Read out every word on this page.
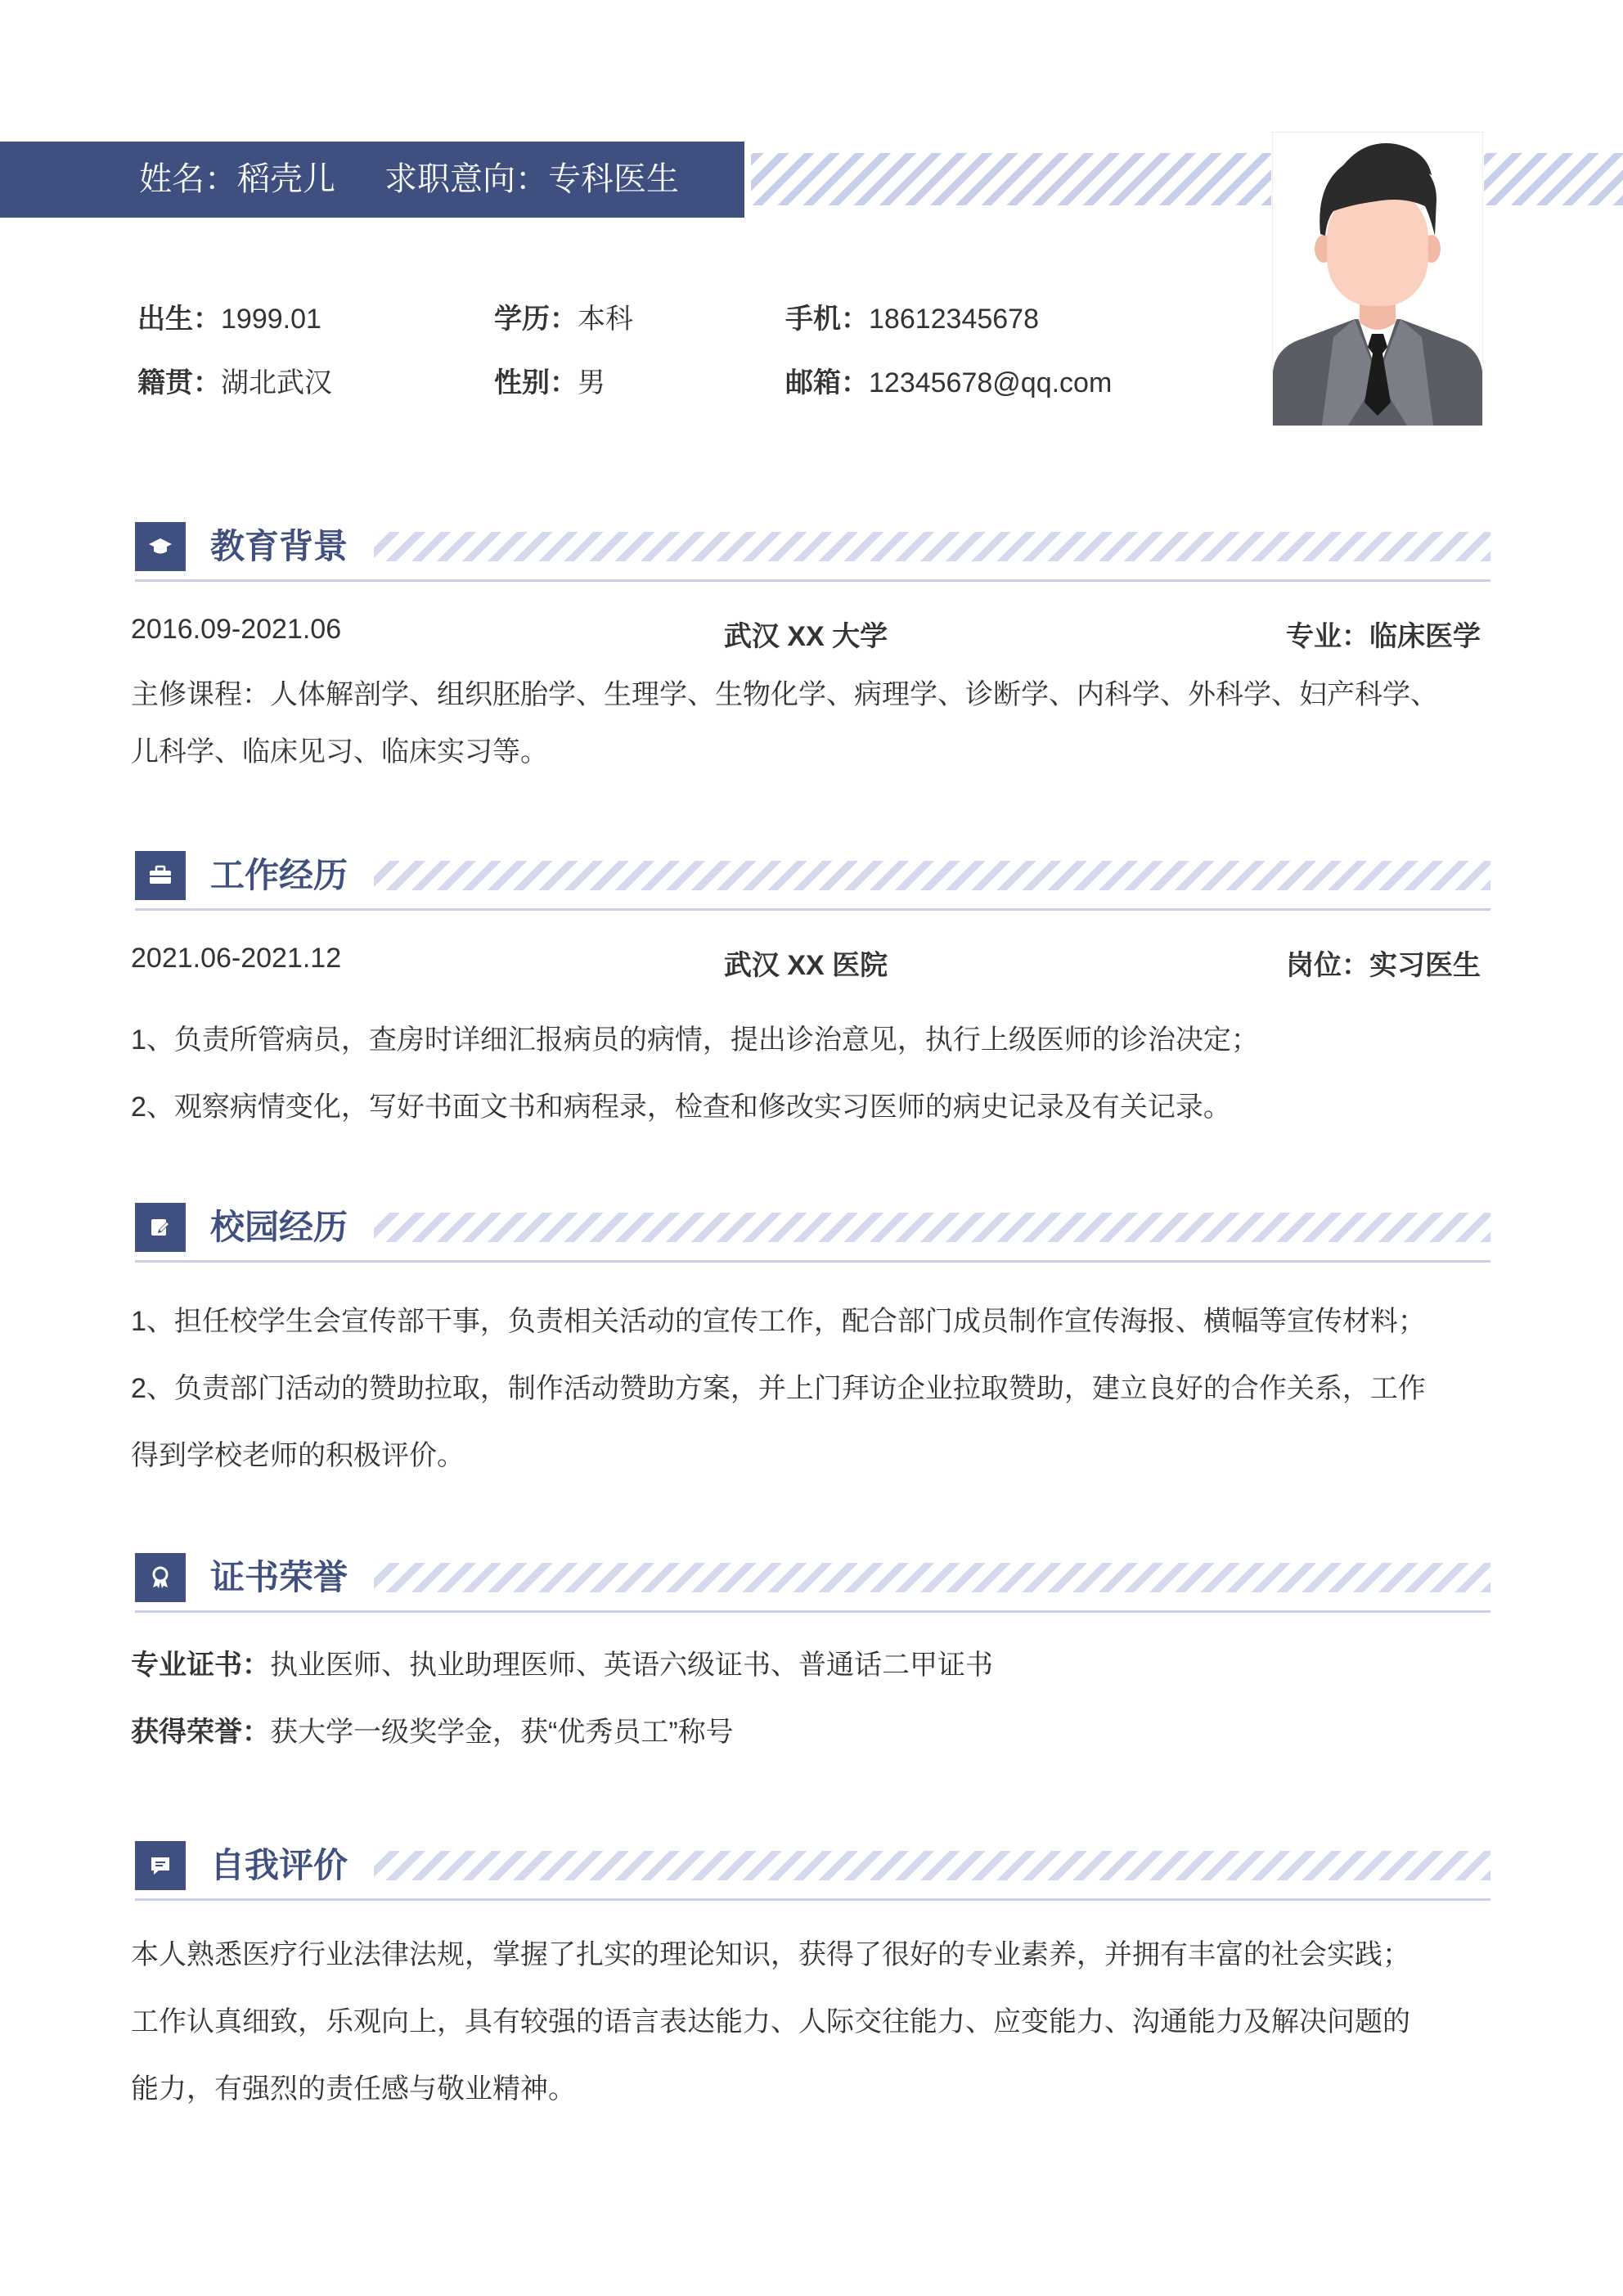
姓名：稻壳儿 求职意向：专科医生
出生：1999.01	学历：本科	手机：18612345678
籍贯：湖北武汉	性别：男	邮箱：12345678@qq.com
教育背景
2016.09-2021.06	武汉 XX 大学	专业：临床医学

主修课程：人体解剖学、组织胚胎学、生理学、生物化学、病理学、诊断学、内科学、外科学、妇产科学、

儿科学、临床见习、临床实习等。

工作经历
2021.06-2021.12	武汉 XX 医院	岗位：实习医生

1、负责所管病员，查房时详细汇报病员的病情，提出诊治意见，执行上级医师的诊治决定；

2、观察病情变化，写好书面文书和病程录，检查和修改实习医师的病史记录及有关记录。

校园经历

1、担任校学生会宣传部干事，负责相关活动的宣传工作，配合部门成员制作宣传海报、横幅等宣传材料；

2、负责部门活动的赞助拉取，制作活动赞助方案，并上门拜访企业拉取赞助，建立良好的合作关系，工作

得到学校老师的积极评价。

证书荣誉

专业证书：执业医师、执业助理医师、英语六级证书、普通话二甲证书

获得荣誉：获大学一级奖学金，获“优秀员工”称号

自我评价

本人熟悉医疗行业法律法规，掌握了扎实的理论知识，获得了很好的专业素养，并拥有丰富的社会实践；

工作认真细致，乐观向上，具有较强的语言表达能力、人际交往能力、应变能力、沟通能力及解决问题的

能力，有强烈的责任感与敬业精神。
